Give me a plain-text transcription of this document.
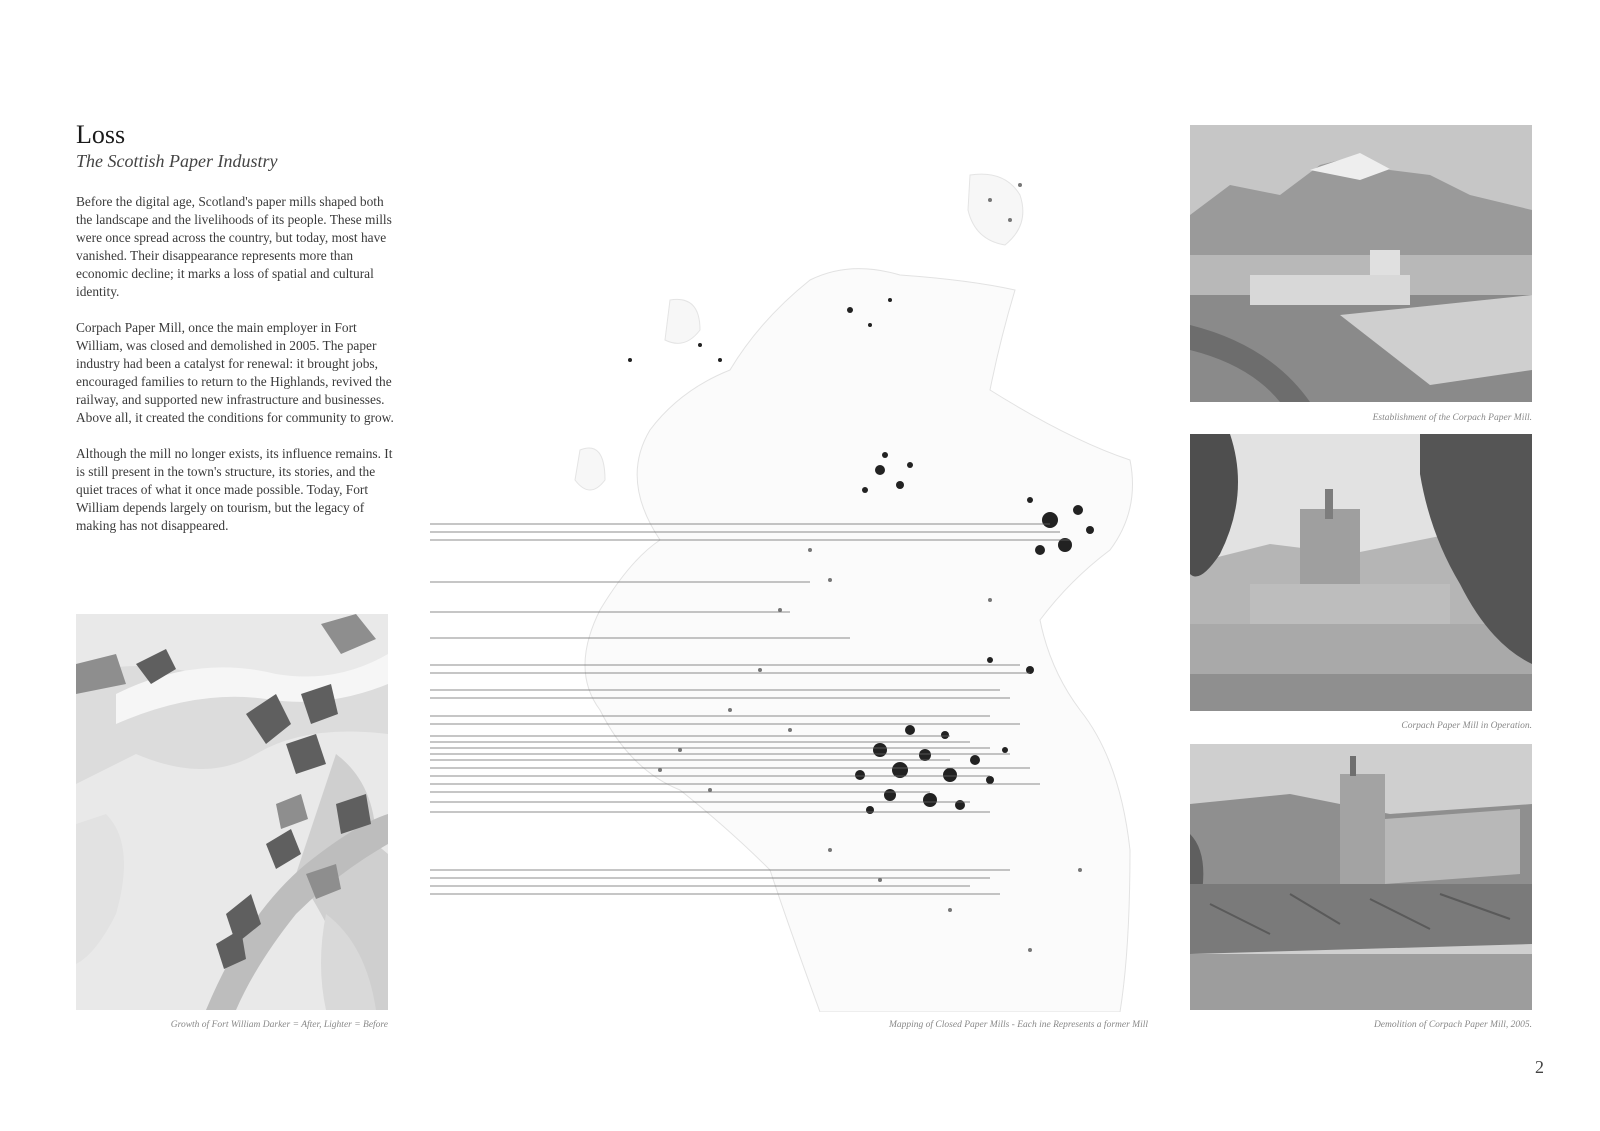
Loss
The Scottish Paper Industry

Before the digital age, Scotland's paper mills shaped both the landscape and the livelihoods of its people. These mills were once spread across the country, but today, most have vanished. Their disappearance represents more than economic decline; it marks a loss of spatial and cultural identity.

Corpach Paper Mill, once the main employer in Fort William, was closed and demolished in 2005. The paper industry had been a catalyst for renewal: it brought jobs, encouraged families to return to the Highlands, revived the railway, and supported new infrastructure and businesses. Above all, it created the conditions for community to grow.

Although the mill no longer exists, its influence remains. It is still present in the town's structure, its stories, and the quiet traces of what it once made possible. Today, Fort William depends largely on tourism, but the legacy of making has not disappeared.

Growth of Fort William Darker = After, Lighter = Before	Mapping of Closed Paper Mills - Each ine Represents a former Mill
Establishment of the Corpach Paper Mill.
Corpach Paper Mill in Operation.
Demolition of Corpach Paper Mill, 2005.
2
